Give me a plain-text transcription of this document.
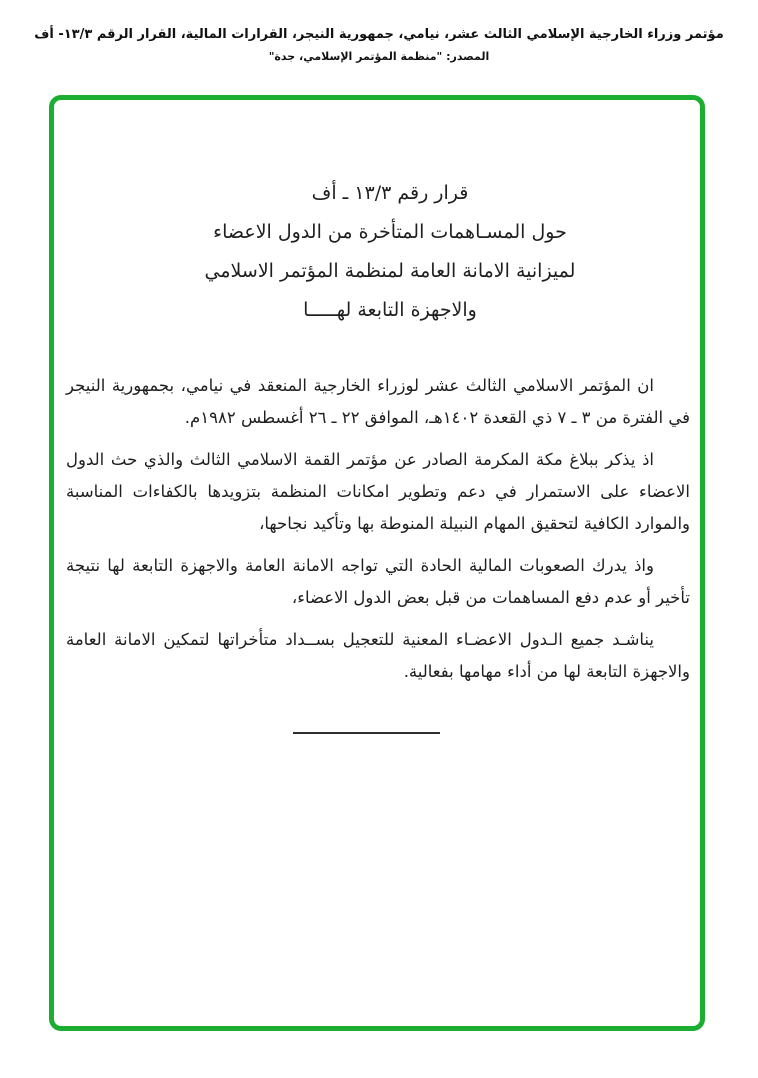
مؤتمر وزراء الخارجية الإسلامي الثالث عشر، نيامي، جمهورية النيجر، القرارات المالية، القرار الرقم ١٣/٣- أف
المصدر: "منظمة المؤتمر الإسلامي، جدة"
قرار رقم ١٣/٣ ـ أف
حول المسـاهمات المتأخرة من الدول الاعضاء
لميزانية الامانة العامة لمنظمة المؤتمر الاسلامي
والاجهزة التابعة لهـــــا

ان المؤتمر الاسلامي الثالث عشر لوزراء الخارجية المنعقد في نيامي، بجمهورية النيجر في الفترة من ٣ ـ ٧ ذي القعدة ١٤٠٢هـ، الموافق ٢٢ ـ ٢٦ أغسطس ١٩٨٢م.

اذ يذكر ببلاغ مكة المكرمة الصادر عن مؤتمر القمة الاسلامي الثالث والذي حث الدول الاعضاء على الاستمرار في دعم وتطوير امكانات المنظمة بتزويدها بالكفاءات المناسبة والموارد الكافية لتحقيق المهام النبيلة المنوطة بها وتأكيد نجاحها،

واذ يدرك الصعوبات المالية الحادة التي تواجه الامانة العامة والاجهزة التابعة لها نتيجة تأخير أو عدم دفع المساهمات من قبل بعض الدول الاعضاء،

يناشـد جميع الـدول الاعضـاء المعنية للتعجيل بســداد متأخراتها لتمكين الامانة العامة والاجهزة التابعة لها من أداء مهامها بفعالية.
